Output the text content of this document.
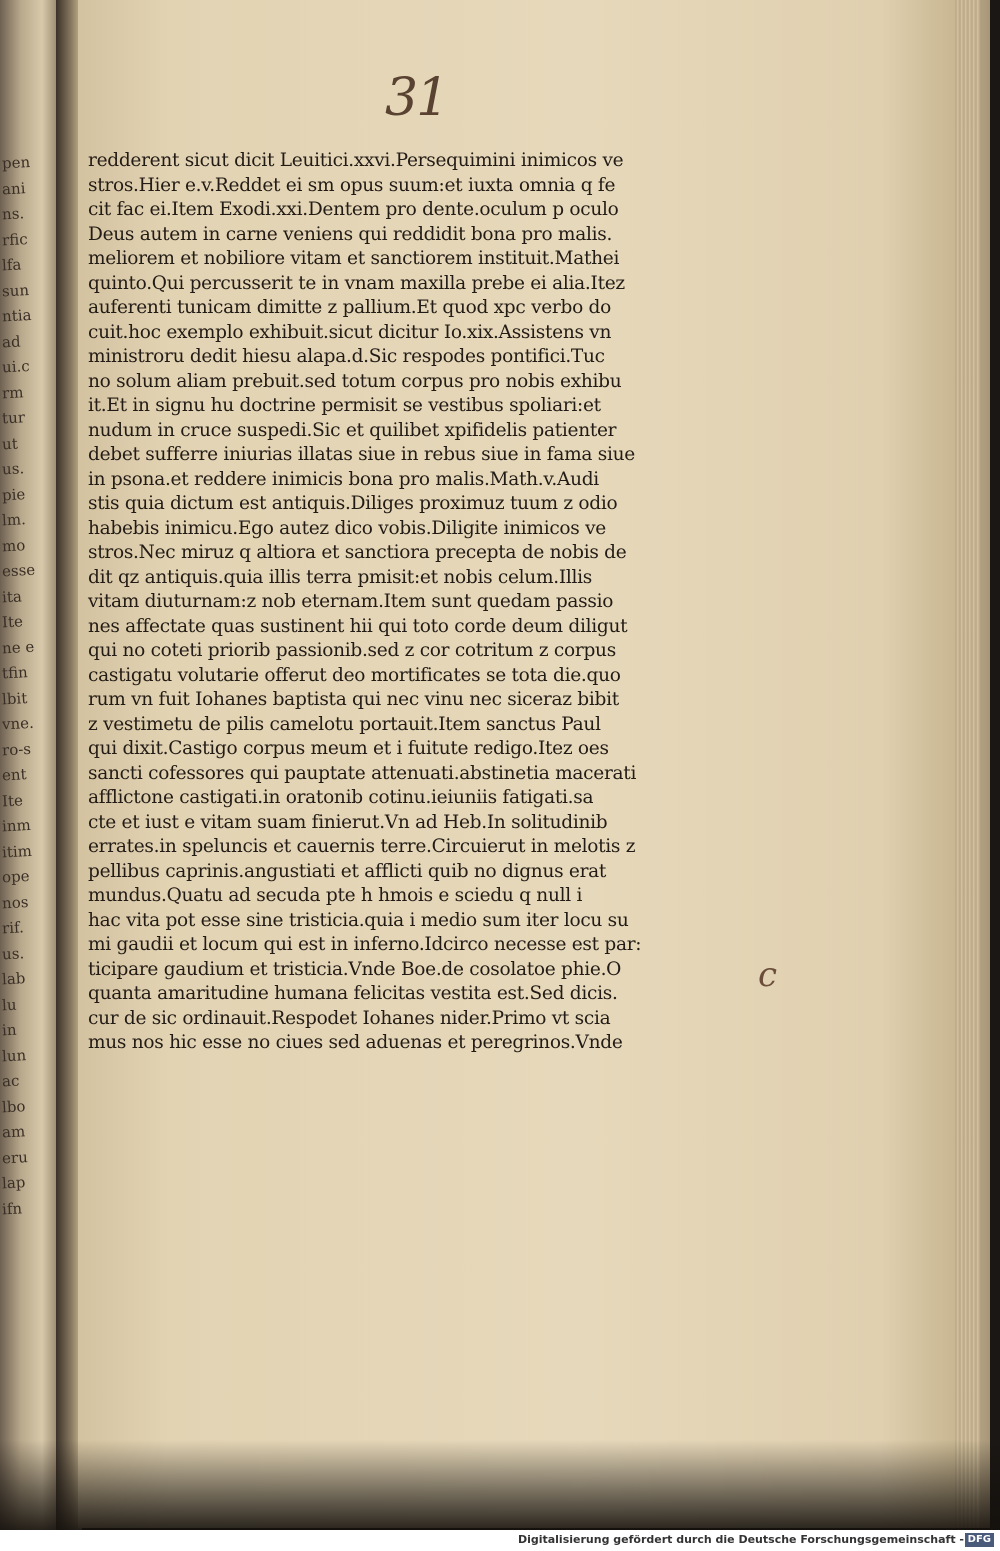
pen
ani
ns.
rfic
lfa
sun
ntia
ad
ui.c
rm
tur
ut
us.
pie
lm.
mo
esse
ita
Ite
ne e
tfin
lbit
vne.
ro-s
ent
Ite
inm
itim
ope
nos
rif.
us.
lab
lu
in
lun
ac
lbo
am
eru
lap
ifn
31
redderent sicut dicit Leuitici.xxvi.Persequimini inimicos ve
stros.Hier e.v.Reddet ei sm opus suum:et iuxta omnia q fe
cit fac ei.Item Exodi.xxi.Dentem pro dente.oculum p oculo
Deus autem in carne veniens qui reddidit bona pro malis.
meliorem et nobiliore vitam et sanctiorem instituit.Mathei
quinto.Qui percusserit te in vnam maxilla prebe ei alia.Itez
auferenti tunicam dimitte z pallium.Et quod xpc verbo do
cuit.hoc exemplo exhibuit.sicut dicitur Io.xix.Assistens vn
ministroru dedit hiesu alapa.d.Sic respodes pontifici.Tuc
no solum aliam prebuit.sed totum corpus pro nobis exhibu
it.Et in signu hu doctrine permisit se vestibus spoliari:et
nudum in cruce suspedi.Sic et quilibet xpifidelis patienter
debet sufferre iniurias illatas siue in rebus siue in fama siue
in psona.et reddere inimicis bona pro malis.Math.v.Audi
stis quia dictum est antiquis.Diliges proximuz tuum z odio
habebis inimicu.Ego autez dico vobis.Diligite inimicos ve
stros.Nec miruz q altiora et sanctiora precepta de nobis de
dit qz antiquis.quia illis terra pmisit:et nobis celum.Illis
vitam diuturnam:z nob eternam.Item sunt quedam passio
nes affectate quas sustinent hii qui toto corde deum diligut
qui no coteti priorib passionib.sed z cor cotritum z corpus
castigatu volutarie offerut deo mortificates se tota die.quo
rum vn fuit Iohanes baptista qui nec vinu nec siceraz bibit
z vestimetu de pilis camelotu portauit.Item sanctus Paul
qui dixit.Castigo corpus meum et i fuitute redigo.Itez oes
sancti cofessores qui pauptate attenuati.abstinetia macerati
afflictone castigati.in oratonib cotinu.ieiuniis fatigati.sa
cte et iust e vitam suam finierut.Vn ad Heb.In solitudinib
errates.in speluncis et cauernis terre.Circuierut in melotis z
pellibus caprinis.angustiati et afflicti quib no dignus erat
mundus.Quatu ad secuda pte h hmois e sciedu q null i
hac vita pot esse sine tristicia.quia i medio sum iter locu su
mi gaudii et locum qui est in inferno.Idcirco necesse est par:
ticipare gaudium et tristicia.Vnde Boe.de cosolatoe phie.O
quanta amaritudine humana felicitas vestita est.Sed dicis.
cur de sic ordinauit.Respodet Iohanes nider.Primo vt scia
mus nos hic esse no ciues sed aduenas et peregrinos.Vnde
c
Digitalisierung gefördert durch die Deutsche Forschungsgemeinschaft - DFG
